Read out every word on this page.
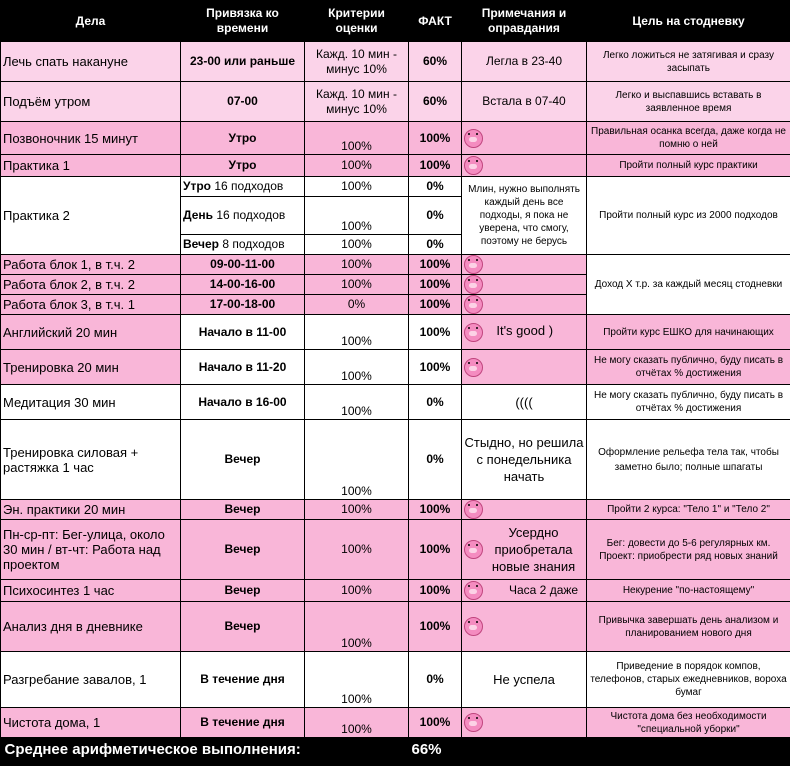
Дела	Привязка ко времени	Критерии оценки	ФАКТ	Примечания и оправдания	Цель на стодневку
Лечь спать накануне	23-00 или раньше	Кажд. 10 мин - минус 10%	60%	Легла в 23-40	Легко ложиться не затягивая и сразу засыпать
Подъём утром	07-00	Кажд. 10 мин - минус 10%	60%	Встала в 07-40	Легко и выспавшись вставать в заявленное время
Позвоночник 15 минут	Утро	100%	100%		Правильная осанка всегда, даже когда не помню о ней
Практика 1	Утро	100%	100%		Пройти полный курс практики
Практика 2	Утро 16 подходов	100%	0%	Млин, нужно выполнять каждый день все подходы, я пока не уверена, что смогу, поэтому не берусь	Пройти полный курс из 2000 подходов
	День 16 подходов	100%	0%		
	Вечер 8 подходов	100%	0%		
Работа блок 1, в т.ч. 2	09-00-11-00	100%	100%		Доход Х т.р. за каждый месяц стодневки
Работа блок 2, в т.ч. 2	14-00-16-00	100%	100%		
Работа блок 3, в т.ч. 1	17-00-18-00	0%	100%		
Английский 20 мин	Начало в 11-00	100%	100%	It's good )	Пройти курс ЕШКО для начинающих
Тренировка 20 мин	Начало в 11-20	100%	100%		Не могу сказать публично, буду писать в отчётах % достижения
Медитация 30 мин	Начало в 16-00	100%	0%	((((	Не могу сказать публично, буду писать в отчётах % достижения
Тренировка силовая + растяжка 1 час	Вечер	100%	0%	Стыдно, но решила с понедельника начать	Оформление рельефа тела так, чтобы заметно было; полные шпагаты
Эн. практики 20 мин	Вечер	100%	100%		Пройти 2 курса: "Тело 1" и "Тело 2"
Пн-ср-пт: Бег-улица, около 30 мин / вт-чт: Работа над проектом	Вечер	100%	100%	Усердно приобретала новые знания	Бег: довести до 5-6 регулярных км. Проект: приобрести ряд новых знаний
Психосинтез 1 час	Вечер	100%	100%	Часа 2 даже	Некурение "по-настоящему"
Анализ дня в дневнике	Вечер	100%	100%		Привычка завершать день анализом и планированием нового дня
Разгребание завалов, 1	В течение дня	100%	0%	Не успела	Приведение в порядок компов, телефонов, старых ежедневников, вороха бумаг
Чистота дома, 1	В течение дня	100%	100%		Чистота дома без необходимости "специальной уборки"
Среднее арифметическое выполнения:			66%		
